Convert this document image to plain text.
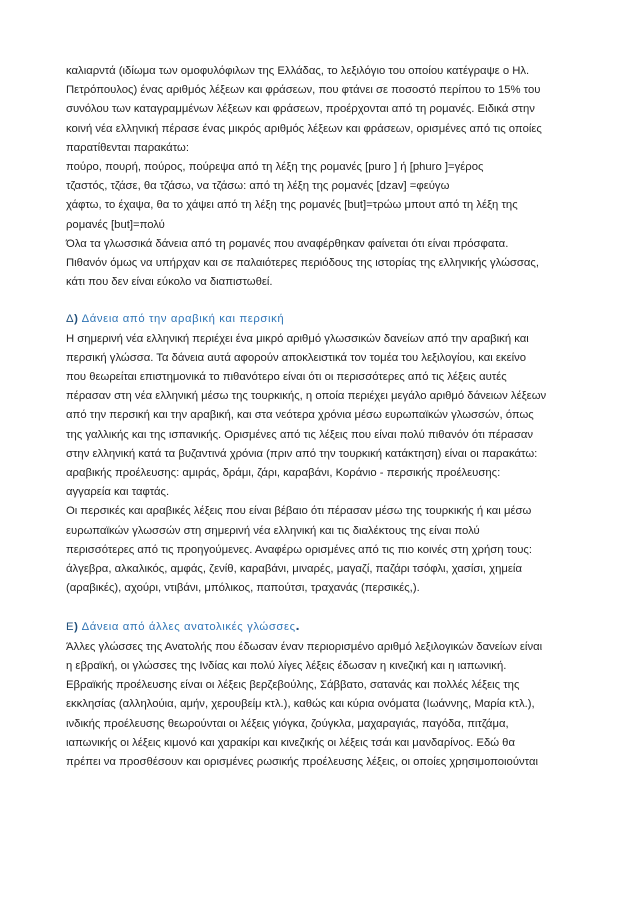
καλιαρντά (ιδίωμα των ομοφυλόφιλων της Ελλάδας, το λεξιλόγιο του οποίου κατέγραψε ο Ηλ.

Πετρόπουλος) ένας αριθμός λέξεων και φράσεων, που φτάνει σε ποσοστό περίπου το 15% του

συνόλου των καταγραμμένων λέξεων και φράσεων, προέρχονται από τη ρομανές. Ειδικά στην

κοινή νέα ελληνική πέρασε ένας μικρός αριθμός λέξεων και φράσεων, ορισμένες από τις οποίες

παρατίθενται παρακάτω:

πούρο, πουρή, πούρος, πούρεψα από τη λέξη της ρομανές [puro ] ή [phuro ]=γέρος

τζαστός, τζάσε, θα τζάσω, να τζάσω: από τη λέξη της ρομανές [dzav] =φεύγω

χάφτω, το έχαψα, θα το χάψει από τη λέξη της ρομανές [but]=τρώω μπουτ από τη λέξη της

ρομανές [but]=πολύ

Όλα τα γλωσσικά δάνεια από τη ρομανές που αναφέρθηκαν φαίνεται ότι είναι πρόσφατα.

Πιθανόν όμως να υπήρχαν και σε παλαιότερες περιόδους της ιστορίας της ελληνικής γλώσσας,

κάτι που δεν είναι εύκολο να διαπιστωθεί.

Δ) Δάνεια από την αραβική και περσική

Η σημερινή νέα ελληνική περιέχει ένα μικρό αριθμό γλωσσικών δανείων από την αραβική και

περσική γλώσσα. Τα δάνεια αυτά αφορούν αποκλειστικά τον τομέα του λεξιλογίου, και εκείνο

που θεωρείται επιστημονικά το πιθανότερο είναι ότι οι περισσότερες από τις λέξεις αυτές

πέρασαν στη νέα ελληνική μέσω της τουρκικής, η οποία περιέχει μεγάλο αριθμό δάνειων λέξεων

από την περσική και την αραβική, και στα νεότερα χρόνια μέσω ευρωπαϊκών γλωσσών, όπως

της γαλλικής και της ισπανικής. Ορισμένες από τις λέξεις που είναι πολύ πιθανόν ότι πέρασαν

στην ελληνική κατά τα βυζαντινά χρόνια (πριν από την τουρκική κατάκτηση) είναι οι παρακάτω:

αραβικής προέλευσης: αμιράς, δράμι, ζάρι, καραβάνι, Κοράνιο - περσικής προέλευσης:

αγγαρεία και ταφτάς.

Οι περσικές και αραβικές λέξεις που είναι βέβαιο ότι πέρασαν μέσω της τουρκικής ή και μέσω

ευρωπαϊκών γλωσσών στη σημερινή νέα ελληνική και τις διαλέκτους της είναι πολύ

περισσότερες από τις προηγούμενες. Αναφέρω ορισμένες από τις πιο κοινές στη χρήση τους:

άλγεβρα, αλκαλικός, αμφάς, ζενίθ, καραβάνι, μιναρές, μαγαζί, παζάρι τσόφλι, χασίσι, χημεία

(αραβικές), αχούρι, ντιβάνι, μπόλικος, παπούτσι, τραχανάς (περσικές,).

Ε) Δάνεια από άλλες ανατολικές γλώσσες.

Άλλες γλώσσες της Ανατολής που έδωσαν έναν περιορισμένο αριθμό λεξιλογικών δανείων είναι

η εβραϊκή, οι γλώσσες της Ινδίας και πολύ λίγες λέξεις έδωσαν η κινεζική και η ιαπωνική.

Εβραϊκής προέλευσης είναι οι λέξεις βερζεβούλης, Σάββατο, σατανάς και πολλές λέξεις της

εκκλησίας (αλληλούια, αμήν, χερουβείμ κτλ.), καθώς και κύρια ονόματα (Ιωάννης, Μαρία κτλ.),

ινδικής προέλευσης θεωρούνται οι λέξεις γιόγκα, ζούγκλα, μαχαραγιάς, παγόδα, πιτζάμα,

ιαπωνικής οι λέξεις κιμονό και χαρακίρι και κινεζικής οι λέξεις τσάι και μανδαρίνος. Εδώ θα

πρέπει να προσθέσουν και ορισμένες ρωσικής προέλευσης λέξεις, οι οποίες χρησιμοποιούνται
